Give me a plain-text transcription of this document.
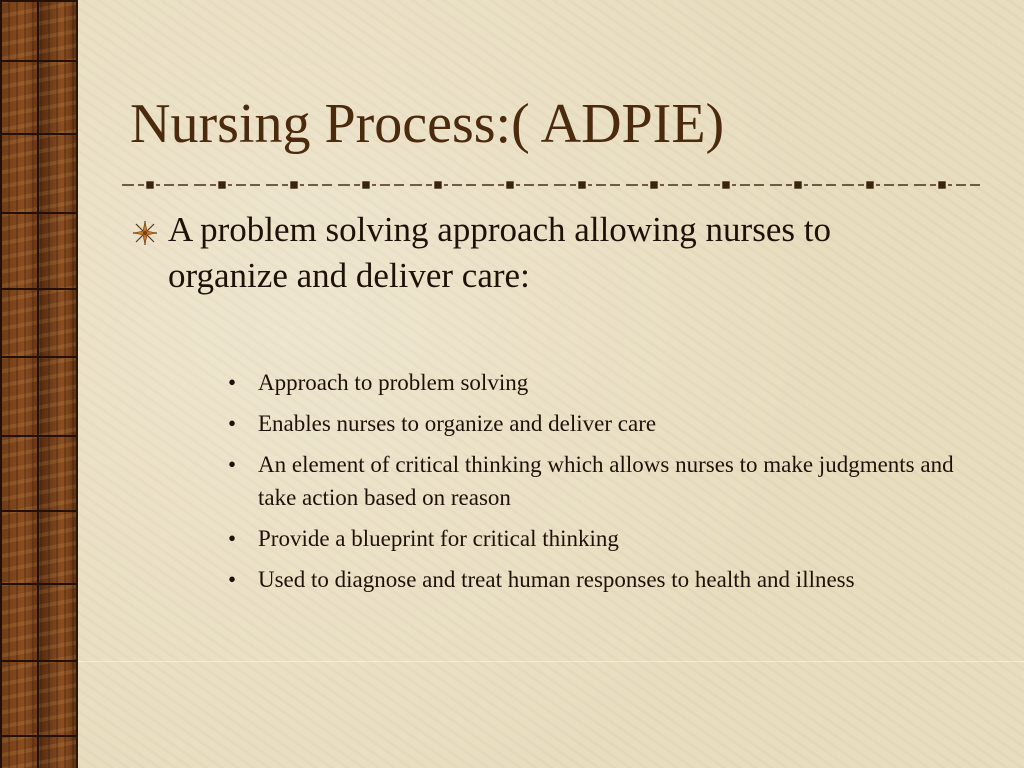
Nursing Process:( ADPIE)
A problem solving approach allowing nurses to organize and deliver care:
• Approach to problem solving
• Enables nurses to organize and deliver care
• An element of critical thinking which allows nurses to make judgments and take action based on reason
• Provide a blueprint for critical thinking
• Used to diagnose and treat human responses to health and illness
